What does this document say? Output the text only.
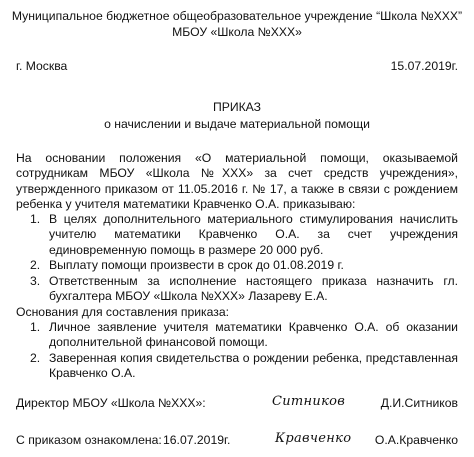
Муниципальное бюджетное общеобразовательное учреждение “Школа №XXX”
МБОУ «Школа №XXX»
г. Москва	15.07.2019г.
ПРИКАЗ
о начислении и выдаче материальной помощи
На основании положения «О материальной помощи, оказываемой сотрудникам МБОУ «Школа №XXX» за счет средств учреждения», утвержденного приказом от 11.05.2016 г. № 17, а также в связи с рождением ребенка у учителя математики Кравченко О.А. приказываю:
1. В целях дополнительного материального стимулирования начислить учителю математики Кравченко О.А. за счет учреждения единовременную помощь в размере 20 000 руб.
2. Выплату помощи произвести в срок до 01.08.2019 г.
3. Ответственным за исполнение настоящего приказа назначить гл. бухгалтера МБОУ «Школа №XXX» Лазареву Е.А.
Основания для составления приказа:
1. Личное заявление учителя математики Кравченко О.А. об оказании дополнительной финансовой помощи.
2. Заверенная копия свидетельства о рождении ребенка, представленная Кравченко О.А.
Директор МБОУ «Школа №XXX»:	Ситников	Д.И.Ситников
С приказом ознакомлена: 16.07.2019г.	Кравченко О.А.Кравченко
